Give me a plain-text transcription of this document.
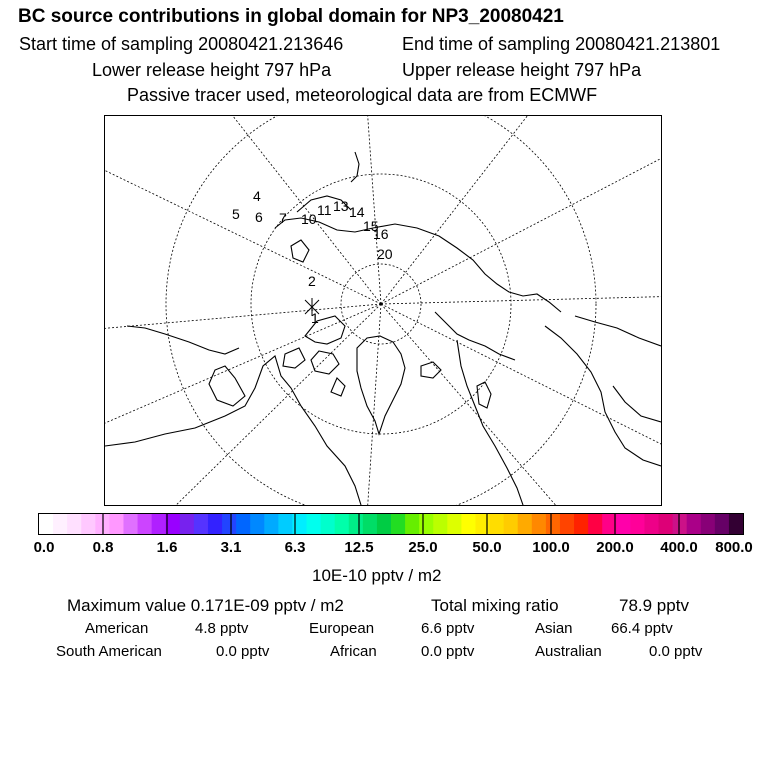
BC source contributions in global domain for NP3_20080421
Start time of sampling 20080421.213646	End time of sampling 20080421.213801
Lower release height 797 hPa	Upper release height 797 hPa
Passive tracer used, meteorological data are from ECMWF
1
2
4
5 6 7 10
11 13 14
15
16
20
0.0	0.8	1.6	3.1	6.3	12.5 25.0 50.0 100.0 200.0 400.0 800.0
10E-10 pptv / m2
Maximum value 0.171E-09 pptv / m2	Total mixing ratio	78.9 pptv
American	4.8 pptv	European	6.6 pptv	Asian	66.4 pptv
South American	0.0 pptv	African	0.0 pptv	Australian	0.0 pptv
